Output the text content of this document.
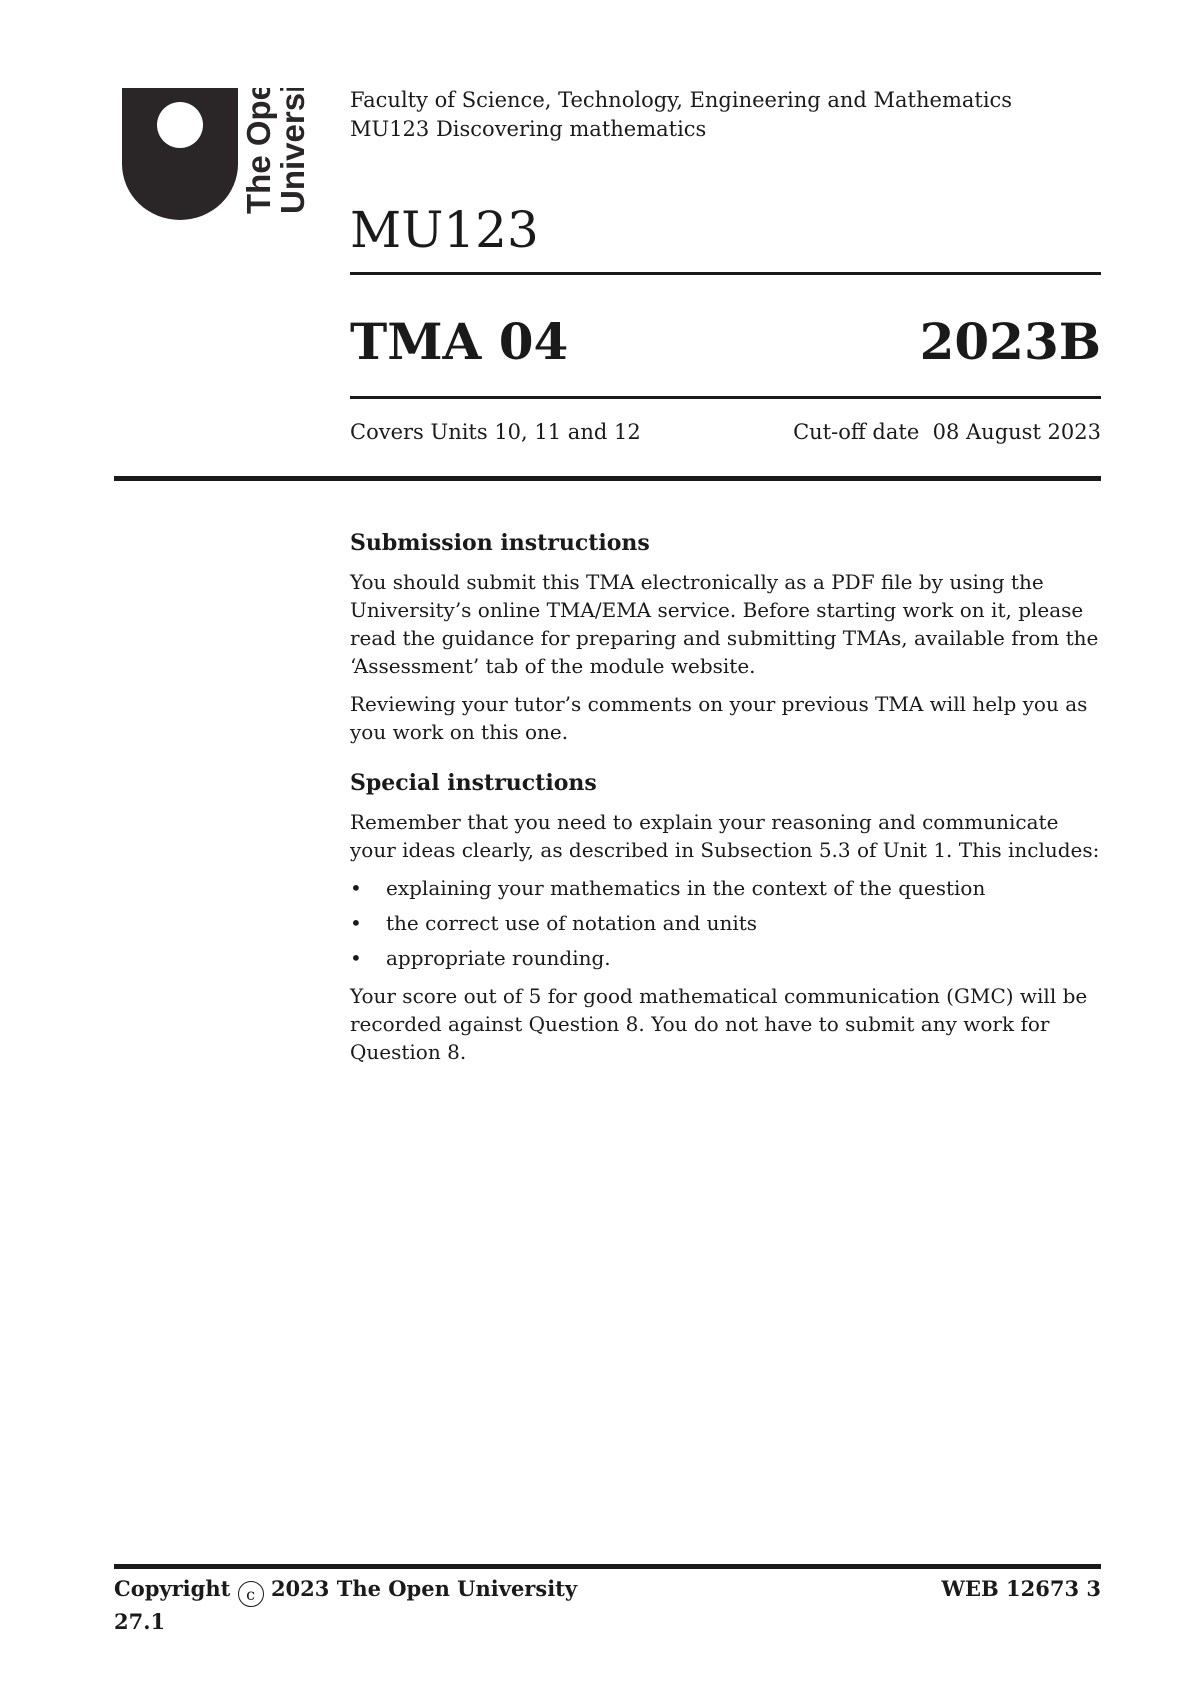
The Open
University Faculty of Science, Technology, Engineering and Mathematics
MU123 Discovering mathematics
MU123
TMA 04	2023B
Covers Units 10, 11 and 12	Cut-off date  08 August 2023
Submission instructions

You should submit this TMA electronically as a PDF file by using the University’s online TMA/EMA service. Before starting work on it, please read the guidance for preparing and submitting TMAs, available from the ‘Assessment’ tab of the module website.

Reviewing your tutor’s comments on your previous TMA will help you as you work on this one.

Special instructions

Remember that you need to explain your reasoning and communicate your ideas clearly, as described in Subsection 5.3 of Unit 1. This includes:

• explaining your mathematics in the context of the question
• the correct use of notation and units
• appropriate rounding.

Your score out of 5 for good mathematical communication (GMC) will be recorded against Question 8. You do not have to submit any work for Question 8.

Copyright c 2023 The Open University
27.1
WEB 12673 3
